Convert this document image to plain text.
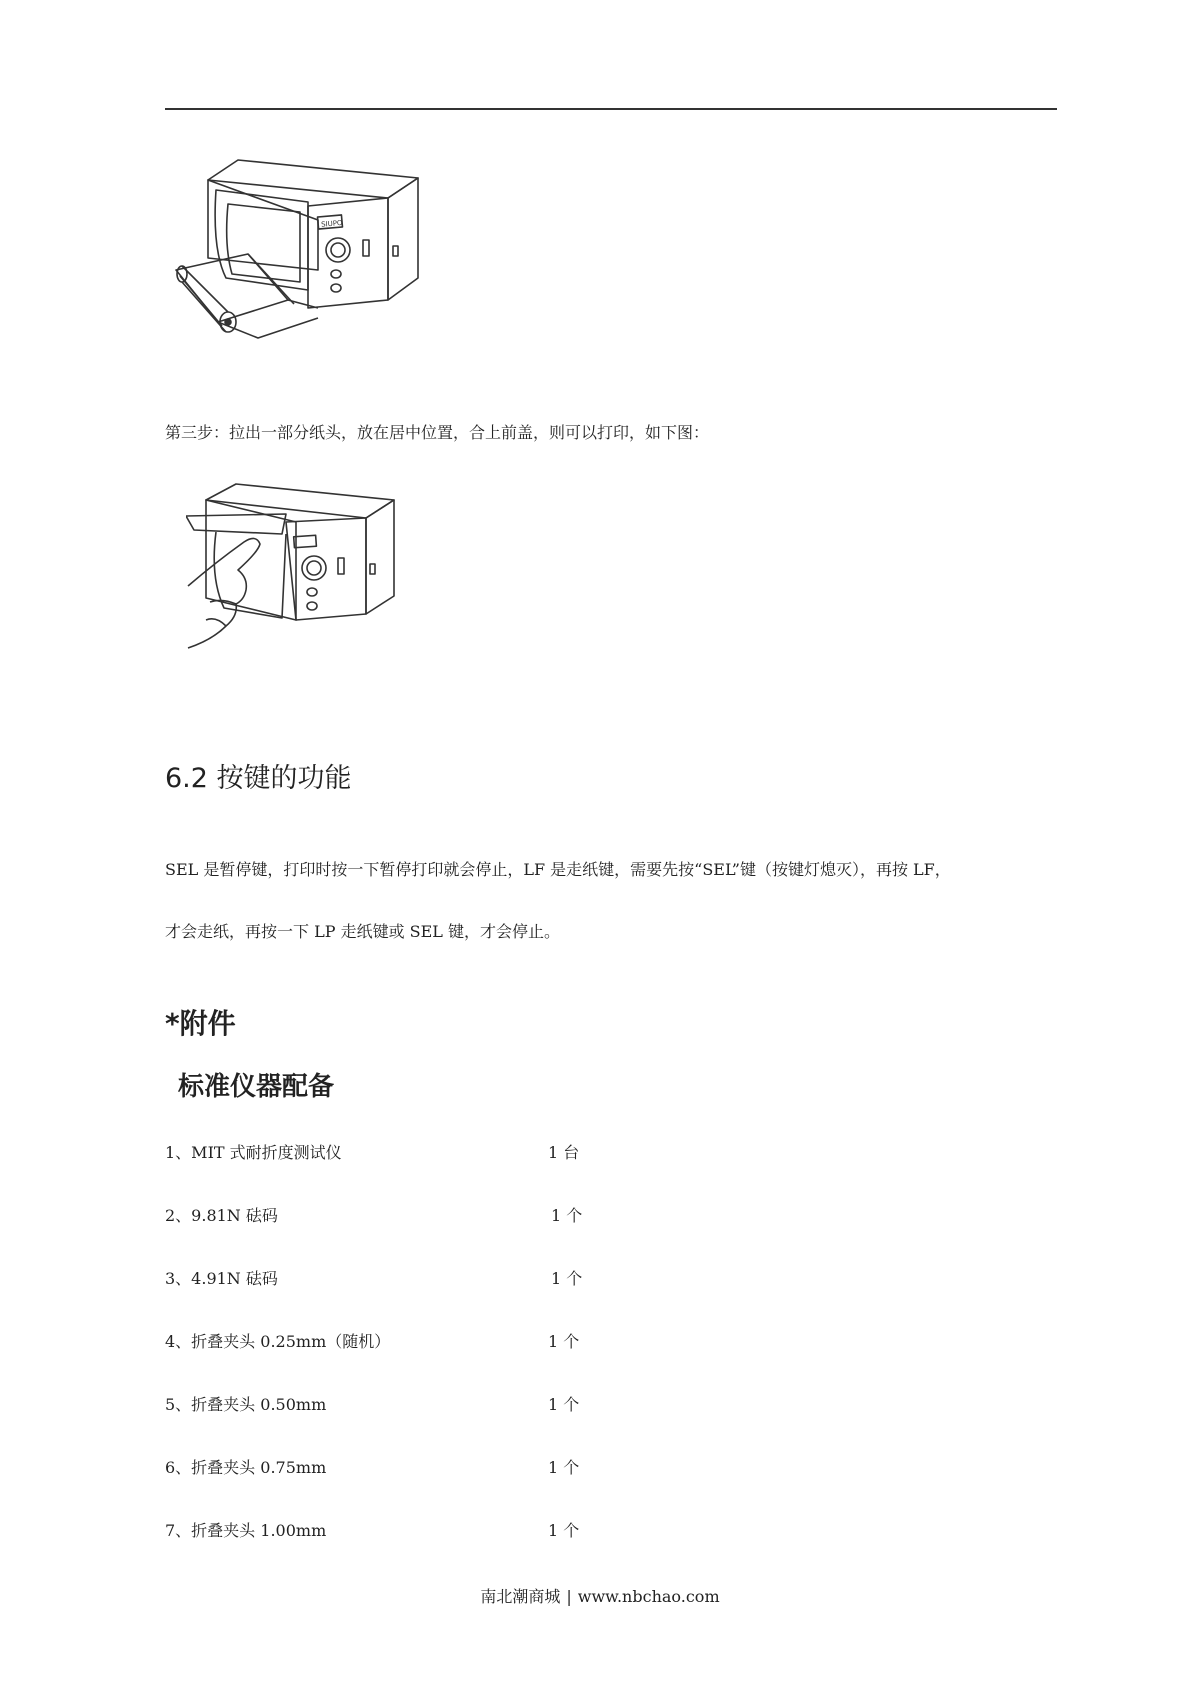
SIUPO
第三步：拉出一部分纸头，放在居中位置，合上前盖，则可以打印，如下图：
6.2 按键的功能
SEL 是暂停键，打印时按一下暂停打印就会停止，LF 是走纸键，需要先按“SEL”键（按键灯熄灭），再按 LF，
才会走纸，再按一下 LP 走纸键或 SEL 键，才会停止。
*附件
标准仪器配备
1、MIT 式耐折度测试仪	1 台
2、9.81N 砝码	1 个
3、4.91N 砝码	1 个
4、折叠夹头 0.25mm（随机）	1 个
5、折叠夹头 0.50mm	1 个
6、折叠夹头 0.75mm	1 个
7、折叠夹头 1.00mm	1 个
南北潮商城 | www.nbchao.com
